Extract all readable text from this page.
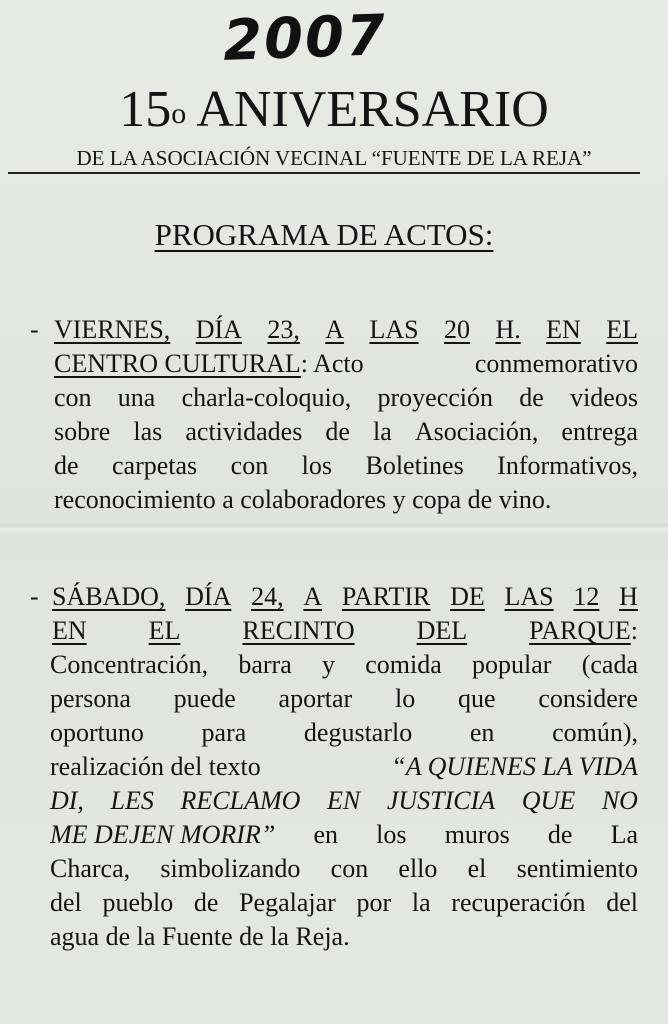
2007
15$^o$ ANIVERSARIO
DE LA ASOCIACIÓN VECINAL “FUENTE DE LA REJA”
PROGRAMA DE ACTOS:
- VIERNES, DÍA 23, A LAS 20 H. EN EL
CENTRO CULTURAL: Acto	conmemorativo
con una charla-coloquio, proyección de videos
sobre las actividades de la Asociación, entrega
de carpetas con los Boletines Informativos,
reconocimiento a colaboradores y copa de vino.
- SÁBADO, DÍA 24, A PARTIR DE LAS 12 H
EN EL RECINTO DEL PARQUE:
Concentración, barra y comida popular (cada
persona puede aportar lo que considere
oportuno para degustarlo en común),
realización del texto	“A QUIENES LA VIDA
DI, LES RECLAMO EN JUSTICIA QUE NO
ME DEJEN MORIR” en los muros de La
Charca, simbolizando con ello el sentimiento
del pueblo de Pegalajar por la recuperación del
agua de la Fuente de la Reja.
